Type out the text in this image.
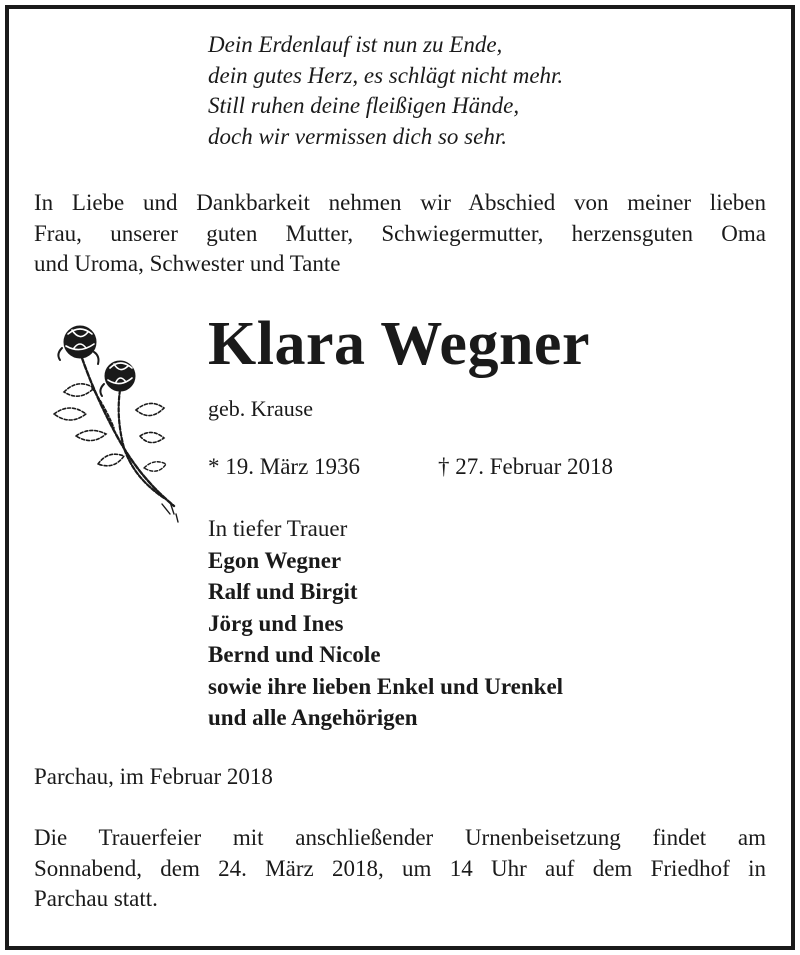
Dein Erdenlauf ist nun zu Ende,
dein gutes Herz, es schlägt nicht mehr.
Still ruhen deine fleißigen Hände,
doch wir vermissen dich so sehr.
In Liebe und Dankbarkeit nehmen wir Abschied von meiner lieben
Frau, unserer guten Mutter, Schwiegermutter, herzensguten Oma
und Uroma, Schwester und Tante
Klara Wegner
geb. Krause
* 19. März 1936	† 27. Februar 2018
In tiefer Trauer
Egon Wegner
Ralf und Birgit
Jörg und Ines
Bernd und Nicole
sowie ihre lieben Enkel und Urenkel
und alle Angehörigen
Parchau, im Februar 2018
Die Trauerfeier mit anschließender Urnenbeisetzung findet am
Sonnabend, dem 24. März 2018, um 14 Uhr auf dem Friedhof in
Parchau statt.
